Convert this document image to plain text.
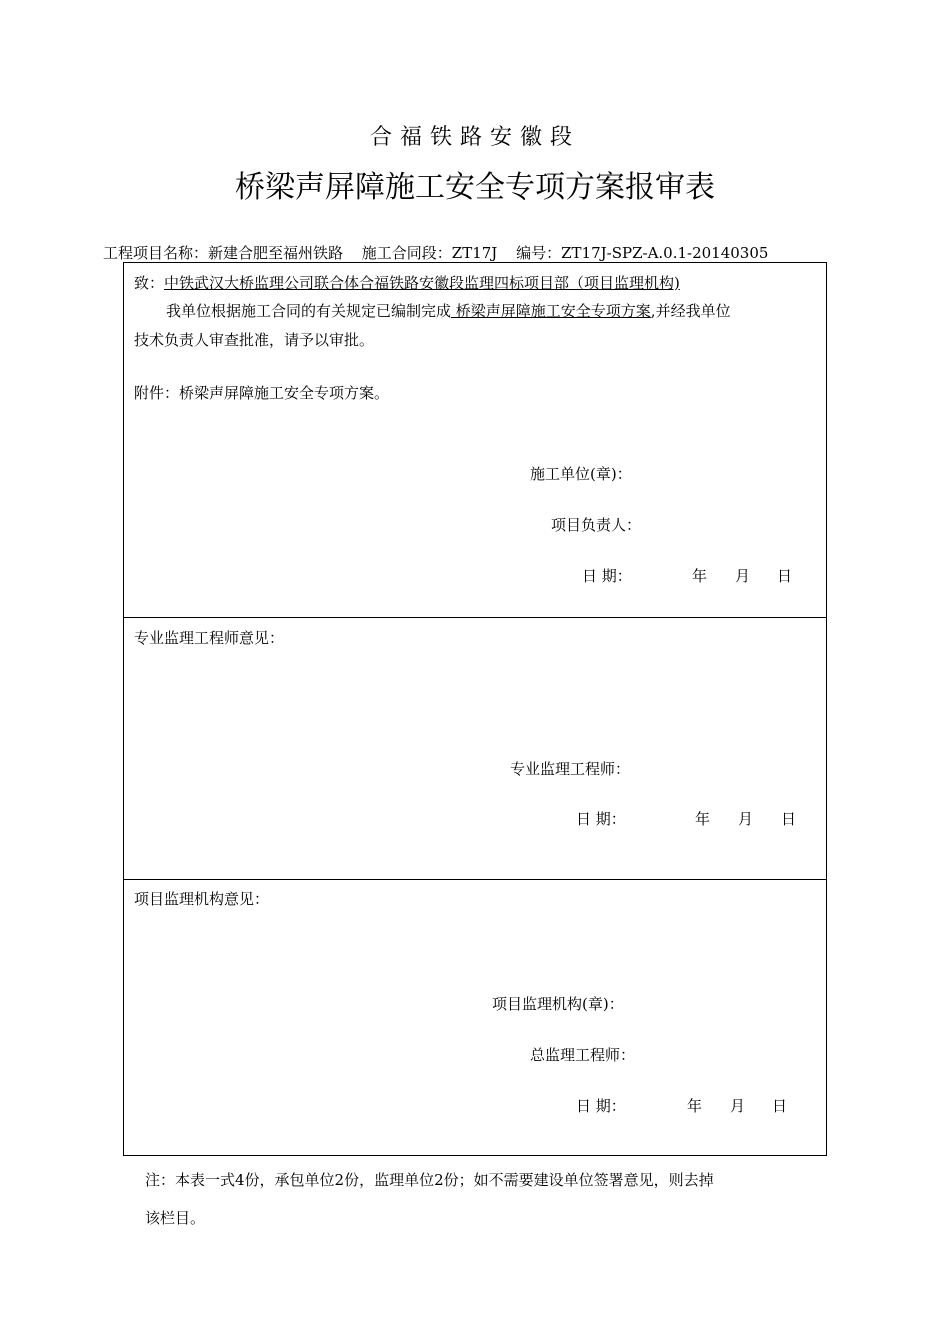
合福铁路安徽段
桥梁声屏障施工安全专项方案报审表
工程项目名称：新建合肥至福州铁路 施工合同段：ZT17J 编号：ZT17J-SPZ-A.0.1-20140305
致：中铁武汉大桥监理公司联合体合福铁路安徽段监理四标项目部（项目监理机构)
我单位根据施工合同的有关规定已编制完成 桥梁声屏障施工安全专项方案,并经我单位
技术负责人审查批准，请予以审批。
附件：桥梁声屏障施工安全专项方案。
施工单位(章)：
项目负责人：
日 期：	年 月 日
专业监理工程师意见：
专业监理工程师：
日 期：	年 月 日
项目监理机构意见：
项目监理机构(章)：
总监理工程师：
日 期：	年 月 日
注：本表一式4份，承包单位2份，监理单位2份；如不需要建设单位签署意见，则去掉
该栏目。
